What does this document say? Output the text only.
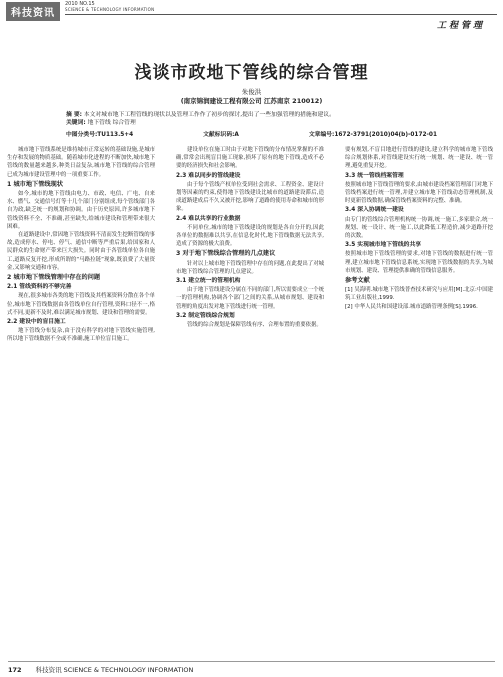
科技资讯
2010 NO.15
SCIENCE & TECHNOLOGY INFORMATION
工程管理
浅谈市政地下管线的综合管理
朱俊洪
(南京锦润建设工程有限公司 江苏南京 210012)
摘 要: 本文对城市地下工程管线的现状以及管理工作作了初步的探讨,提出了一些加强管理的措施和建议。
关键词: 地下管线 综合管理
中图分类号:TU113.5+4	文献标识码:A	文章编号:1672-3791(2010)04(b)-0172-01

城市地下管线系统是维持城市正常运转的基础设施,是城市生存和发展的物质基础。随着城市化进程的不断加快,城市地下管线的数量越来越多,种类日益复杂,城市地下管线的综合管理已成为城市建设管理中的一项重要工作。

1 城市地下管线现状

如今,城市的地下管线由电力、市政、电信、广电、自来水、燃气、交通信号灯等十几个部门分别组成,每个管线部门各自为政,缺乏统一的规划和协调。由于历史原因,许多城市地下管线资料不全、不准确,甚至缺失,给城市建设和管理带来很大困难。

在道路建设中,常因地下管线资料不清而发生挖断管线的事故,造成停水、停电、停气、通信中断等严重后果,给国家和人民群众的生命财产带来巨大损失。同时由于各管线单位各自施工,道路反复开挖,形成所谓的“马路拉链”现象,既浪费了大量资金,又影响交通和市容。

2 城市地下管线管理中存在的问题
2.1 管线资料的不够完善

现在,很多城市各类的地下管线及其档案资料分散在各个单位,城市地下管线数据由各管线单位自行管理,资料口径不一,格式不同,更新不及时,难以满足城市规划、建设和管理的需要。

2.2 建设中的盲目施工

地下管线分布复杂,由于没有科学的对地下管线实施管理,所以地下管线数据不全或不准确,施工单位盲目施工。

建设单位在施工时由于对地下管线的分布情况掌握的不准确,常常会出现盲目施工现象,损坏了原有的地下管线,造成不必要的经济损失和社会影响。

2.3 难以同步的管线建设

由于每个管线产权单位受到社会需求、工程资金、建设计划等因素的约束,使得地下管线建设比城市的道路建设滞后,造成道路建成后不久又被开挖,影响了道路的使用寿命和城市的形象。

2.4 难以共享的行业数据

不同单位,城市的地下管线建设的规划是各自分开的,因此各单位的数据难以共享,在信息化时代,地下管线数据无法共享,造成了资源的极大浪费。

3 对于地下管线综合管理的几点建议

针对以上城市地下管线管理中存在的问题,在此提出了对城市地下管线综合管理的几点建议。

3.1 建立统一的管理机构

由于地下管线建设分属在不同的部门,所以需要成立一个统一的管理机构,协调各个部门之间的关系,从城市规划、建设和管理的角度出发对地下管线进行统一管理。

3.2 制定管线综合规划

管线的综合规划是保障管线有序、合理布置的重要依据。

要有规划,不盲目地进行管线的建设,建立科学的城市地下管线综合规划体系,对管线建设实行统一规划、统一建设、统一管理,避免重复开挖。

3.3 统一管线档案管理

按照城市地下管线管理的要求,由城市建设档案管理部门对地下管线档案进行统一管理,并建立城市地下管线动态管理机制,及时更新管线数据,确保管线档案资料的完整、准确。

3.4 深入协调统一建设

由专门的管线综合管理机构统一协调,统一施工,多家联合,统一规划、统一设计、统一施工,以此降低工程造价,减少道路开挖的次数。

3.5 实现城市地下管线的共享

按照城市地下管线管理的要求,对地下管线的数据进行统一管理,建立城市地下管线信息系统,实现地下管线数据的共享,为城市规划、建设、管理提供准确的管线信息服务。

参考文献

[1] 吴海明.城市地下管线普查技术研究与应用[M].北京:中国建筑工业出版社,1999.

[2] 中华人民共和国建设部.城市道路管理条例[S].1996.

172 科技资讯 SCIENCE & TECHNOLOGY INFORMATION
